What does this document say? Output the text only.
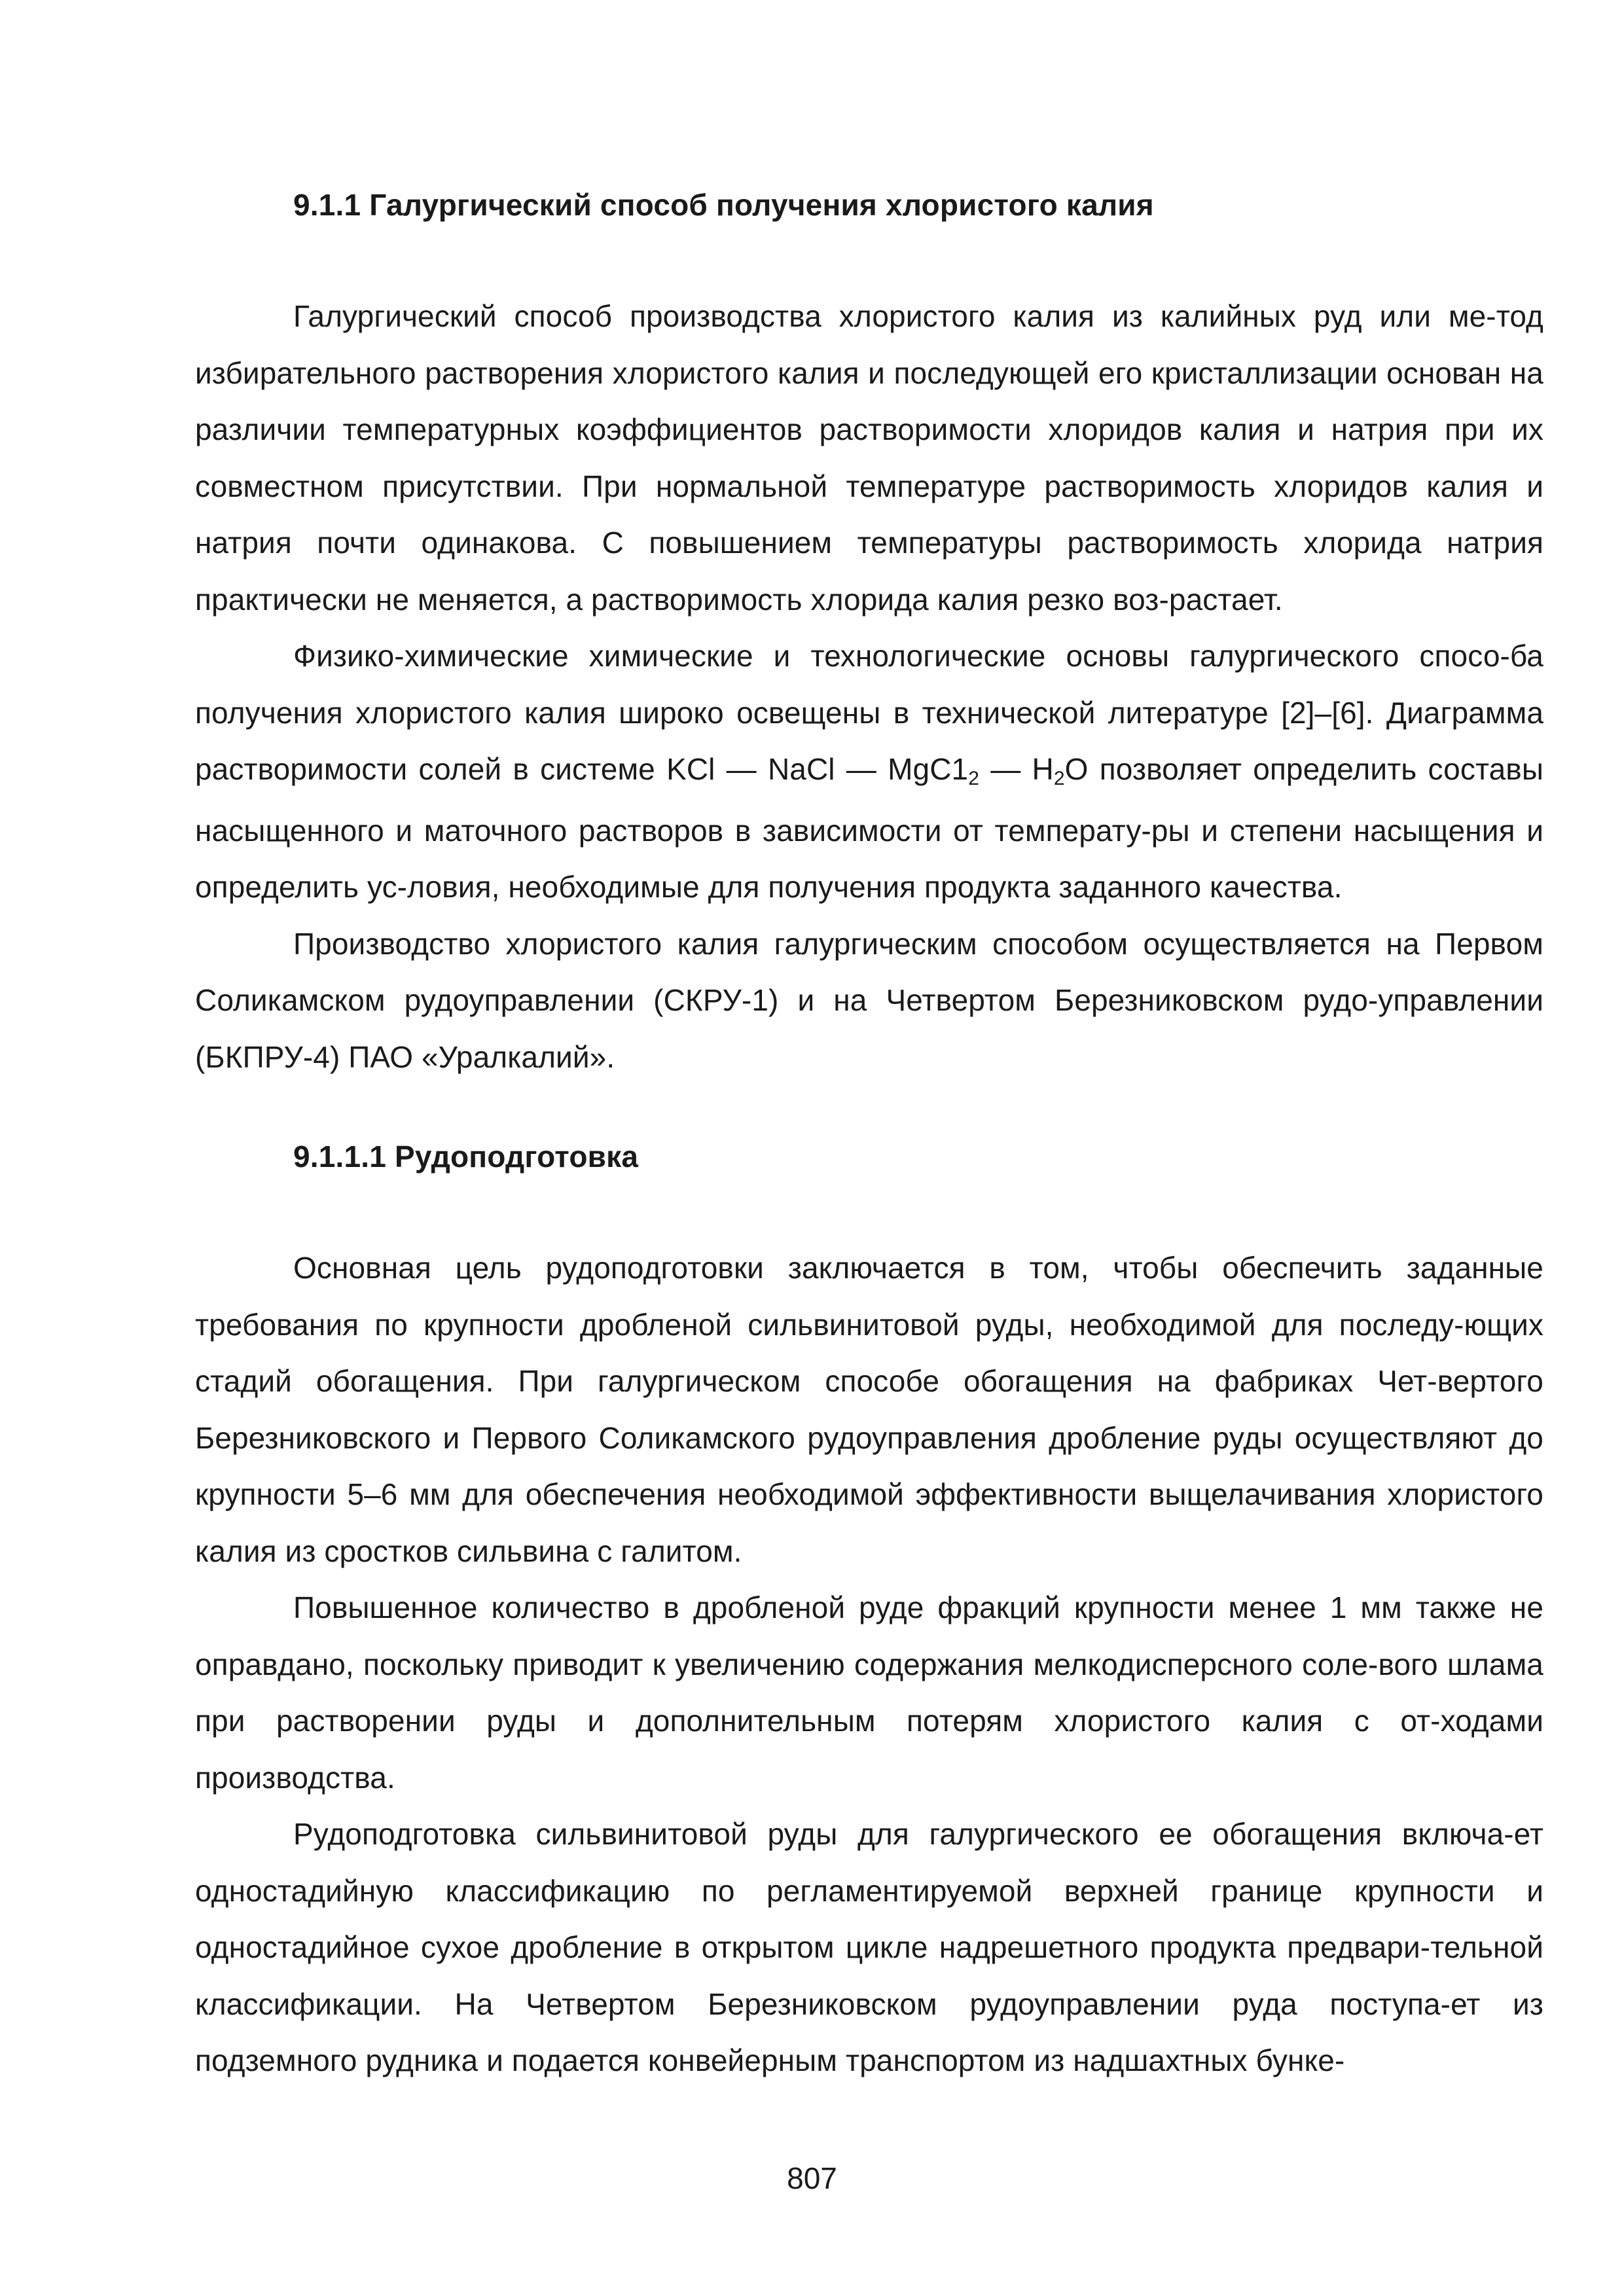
9.1.1 Галургический способ получения хлористого калия

Галургический способ производства хлористого калия из калийных руд или ме-тод избирательного растворения хлористого калия и последующей его кристаллизации основан на различии температурных коэффициентов растворимости хлоридов калия и натрия при их совместном присутствии. При нормальной температуре растворимость хлоридов калия и натрия почти одинакова. С повышением температуры растворимость хлорида натрия практически не меняется, а растворимость хлорида калия резко воз-растает.

Физико-химические химические и технологические основы галургического спосо-ба получения хлористого калия широко освещены в технической литературе [2]–[6]. Диаграмма растворимости солей в системе KCl — NaCl — MgC12 — H2O позволяет определить составы насыщенного и маточного растворов в зависимости от температу-ры и степени насыщения и определить ус-ловия, необходимые для получения продукта заданного качества.

Производство хлористого калия галургическим способом осуществляется на Первом Соликамском рудоуправлении (СКРУ-1) и на Четвертом Березниковском рудо-управлении (БКПРУ-4) ПАО «Уралкалий».

9.1.1.1 Рудоподготовка

Основная цель рудоподготовки заключается в том, чтобы обеспечить заданные требования по крупности дробленой сильвинитовой руды, необходимой для последу-ющих стадий обогащения. При галургическом способе обогащения на фабриках Чет-вертого Березниковского и Первого Соликамского рудоуправления дробление руды осуществляют до крупности 5–6 мм для обеспечения необходимой эффективности выщелачивания хлористого калия из сростков сильвина с галитом.

Повышенное количество в дробленой руде фракций крупности менее 1 мм также не оправдано, поскольку приводит к увеличению содержания мелкодисперсного соле-вого шлама при растворении руды и дополнительным потерям хлористого калия с от-ходами производства.

Рудоподготовка сильвинитовой руды для галургического ее обогащения включа-ет одностадийную классификацию по регламентируемой верхней границе крупности и одностадийное сухое дробление в открытом цикле надрешетного продукта предвари-тельной классификации. На Четвертом Березниковском рудоуправлении руда поступа-ет из подземного рудника и подается конвейерным транспортом из надшахтных бунке-

807
